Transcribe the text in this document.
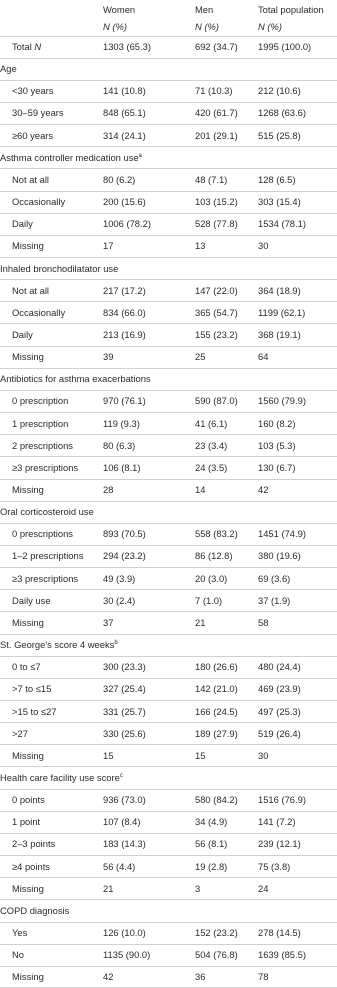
Women	Men	Total population
N (%)	N (%)	N (%)
Total N	1303 (65.3)	692 (34.7) 1995 (100.0)
Age
<30 years	141 (10.8)	71 (10.3)	212 (10.6)
30–59 years	848 (65.1)	420 (61.7) 1268 (63.6)
≥60 years	314 (24.1)	201 (29.1) 515 (25.8)
Asthma controller medication use$^a$
Not at all	80 (6.2)	48 (7.1)	128 (6.5)
Occasionally	200 (15.6)	103 (15.2) 303 (15.4)
Daily	1006 (78.2)	528 (77.8) 1534 (78.1)
Missing	17	13	30
Inhaled bronchodilatator use
Not at all	217 (17.2)	147 (22.0) 364 (18.9)
Occasionally	834 (66.0)	365 (54.7) 1199 (62.1)
Daily	213 (16.9)	155 (23.2) 368 (19.1)
Missing	39	25	64
Antibiotics for asthma exacerbations
0 prescription	970 (76.1)	590 (87.0) 1560 (79.9)
1 prescription	119 (9.3)	41 (6.1)	160 (8.2)
2 prescriptions	80 (6.3)	23 (3.4)	103 (5.3)
≥3 prescriptions	106 (8.1)	24 (3.5)	130 (6.7)
Missing	28	14	42
Oral corticosteroid use
0 prescriptions	893 (70.5)	558 (83.2) 1451 (74.9)
1–2 prescriptions 294 (23.2)	86 (12.8)	380 (19.6)
≥3 prescriptions	49 (3.9)	20 (3.0)	69 (3.6)
Daily use	30 (2.4)	7 (1.0)	37 (1.9)
Missing	37	21	58
St. George's score 4 weeks$^b$
0 to ≤7	300 (23.3)	180 (26.6) 480 (24.4)
>7 to ≤15	327 (25.4)	142 (21.0) 469 (23.9)
>15 to ≤27	331 (25.7)	166 (24.5) 497 (25.3)
>27	330 (25.6)	189 (27.9) 519 (26.4)
Missing	15	15	30
Health care facility use score$^c$
0 points	936 (73.0)	580 (84.2) 1516 (76.9)
1 point	107 (8.4)	34 (4.9)	141 (7.2)
2–3 points	183 (14.3)	56 (8.1)	239 (12.1)
≥4 points	56 (4.4)	19 (2.8)	75 (3.8)
Missing	21	3	24
COPD diagnosis
Yes	126 (10.0)	152 (23.2) 278 (14.5)
No	1135 (90.0)	504 (76.8) 1639 (85.5)
Missing	42	36	78
